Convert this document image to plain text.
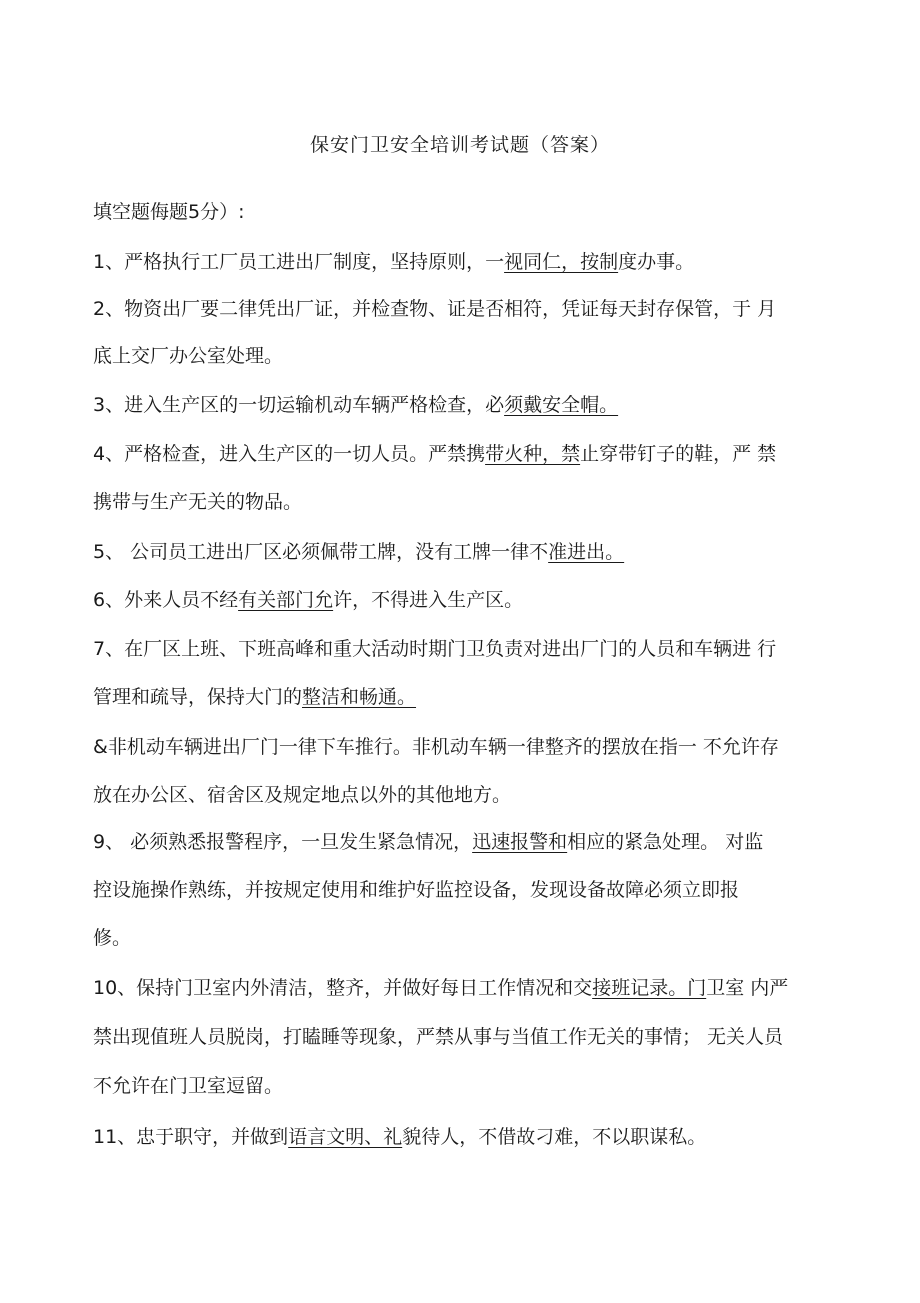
保安门卫安全培训考试题（答案）
填空题侮题5分）:
1、严格执行工厂员工进出厂制度，坚持原则，一视同仁，按制度办事。
2、物资出厂要二律凭出厂证，并检查物、证是否相符，凭证每天封存保管，于 月
底上交厂办公室处理。
3、进入生产区的一切运输机动车辆严格检查，必须戴安全帽。
4、严格检查，进入生产区的一切人员。严禁携带火种，禁止穿带钉子的鞋，严 禁
携带与生产无关的物品。
5、 公司员工进出厂区必须佩带工牌，没有工牌一律不准进出。
6、外来人员不经有关部门允许，不得进入生产区。
7、在厂区上班、下班高峰和重大活动时期门卫负责对进出厂门的人员和车辆进 行
管理和疏导，保持大门的整洁和畅通。
&非机动车辆进出厂门一律下车推行。非机动车辆一律整齐的摆放在指一 不允许存
放在办公区、宿舍区及规定地点以外的其他地方。
9、 必须熟悉报警程序，一旦发生紧急情况，迅速报警和相应的紧急处理。 对监
控设施操作熟练，并按规定使用和维护好监控设备，发现设备故障必须立即报
修。
10、保持门卫室内外清洁，整齐，并做好每日工作情况和交接班记录。门卫室 内严
禁出现值班人员脱岗，打瞌睡等现象，严禁从事与当值工作无关的事情； 无关人员
不允许在门卫室逗留。
11、忠于职守，并做到语言文明、礼貌待人，不借故刁难，不以职谋私。
